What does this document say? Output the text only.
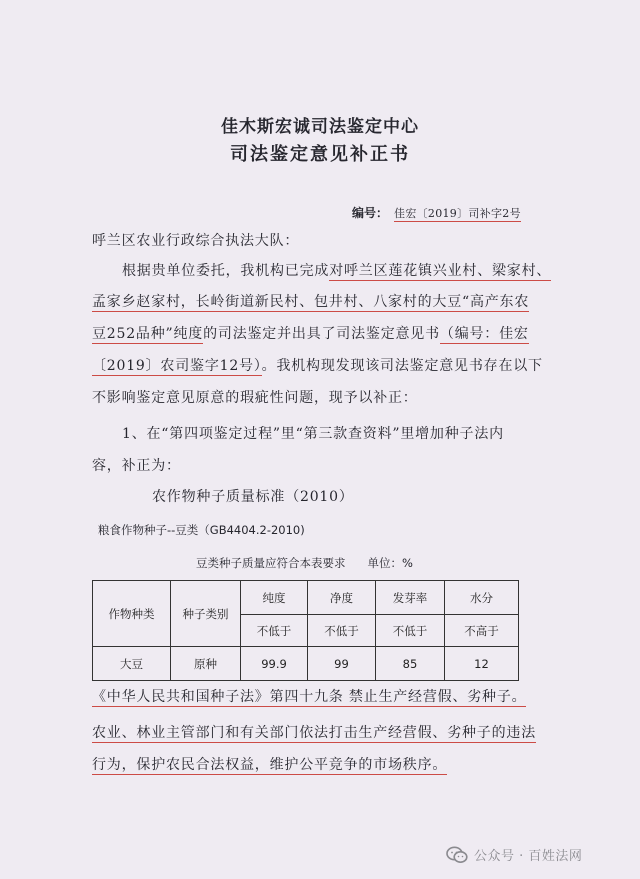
佳木斯宏诚司法鉴定中心
司法鉴定意见补正书
编号： 佳宏〔2019〕司补字2号
呼兰区农业行政综合执法大队：
根据贵单位委托，我机构已完成对呼兰区莲花镇兴业村、梁家村、
孟家乡赵家村，长岭街道新民村、包井村、八家村的大豆“高产东农
豆252品种”纯度的司法鉴定并出具了司法鉴定意见书（编号：佳宏
〔2019〕农司鉴字12号）。我机构现发现该司法鉴定意见书存在以下
不影响鉴定意见原意的瑕疵性问题，现予以补正：
1、在“第四项鉴定过程”里“第三款查资料”里增加种子法内
容，补正为：
农作物种子质量标准（2010）
粮食作物种子--豆类（GB4404.2-2010)
豆类种子质量应符合本表要求 单位：%
作物种类	种子类别	纯度	净度	发芽率	水分
		不低于	不低于	不低于	不高于
大豆	原种	99.9	99	85	12
《中华人民共和国种子法》第四十九条 禁止生产经营假、劣种子。
农业、林业主管部门和有关部门依法打击生产经营假、劣种子的违法
行为，保护农民合法权益，维护公平竞争的市场秩序。
公众号 · 百姓法网
